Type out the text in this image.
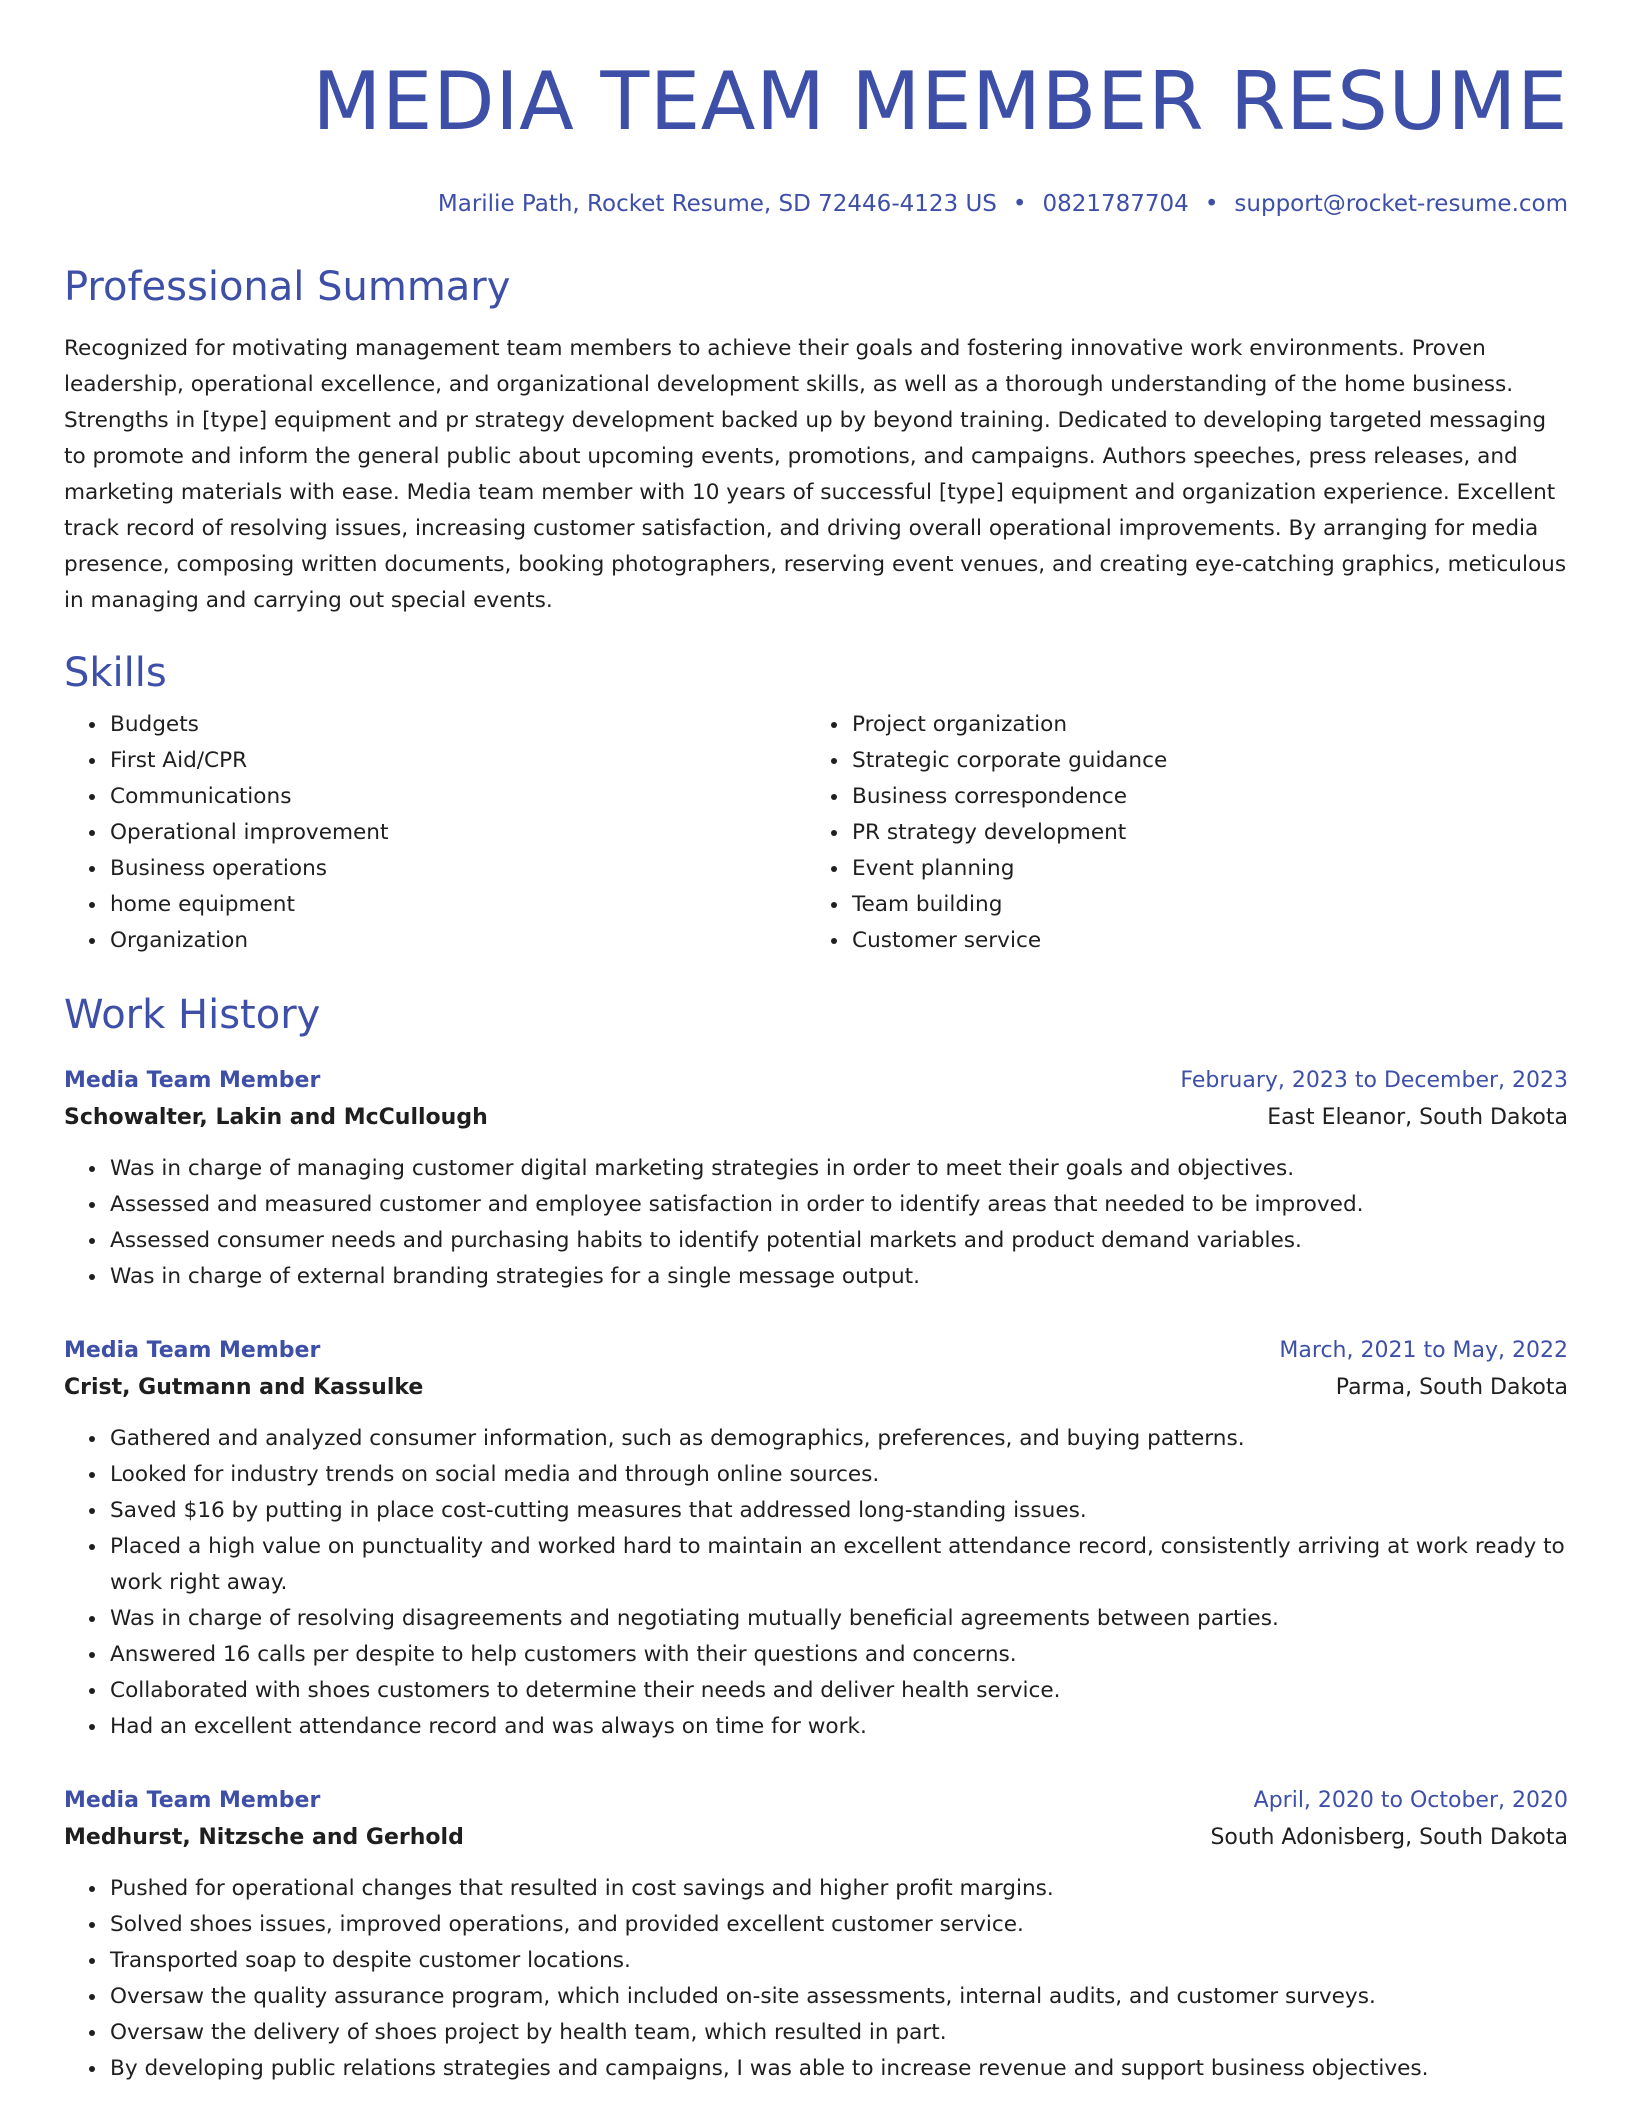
MEDIA TEAM MEMBER RESUME
Marilie Path, Rocket Resume, SD 72446-4123 US • 0821787704 • support@rocket-resume.com
Professional Summary

Recognized for motivating management team members to achieve their goals and fostering innovative work environments. Proven leadership, operational excellence, and organizational development skills, as well as a thorough understanding of the home business. Strengths in [type] equipment and pr strategy development backed up by beyond training. Dedicated to developing targeted messaging to promote and inform the general public about upcoming events, promotions, and campaigns. Authors speeches, press releases, and marketing materials with ease. Media team member with 10 years of successful [type] equipment and organization experience. Excellent track record of resolving issues, increasing customer satisfaction, and driving overall operational improvements. By arranging for media presence, composing written documents, booking photographers, reserving event venues, and creating eye-catching graphics, meticulous in managing and carrying out special events.

Skills
• Budgets
• First Aid/CPR
• Communications
• Operational improvement
• Business operations
• home equipment
• Organization
• Project organization
• Strategic corporate guidance
• Business correspondence
• PR strategy development
• Event planning
• Team building
• Customer service
Work History
Media Team Member	February, 2023 to December, 2023
Schowalter, Lakin and McCullough	East Eleanor, South Dakota
• Was in charge of managing customer digital marketing strategies in order to meet their goals and objectives.
• Assessed and measured customer and employee satisfaction in order to identify areas that needed to be improved.
• Assessed consumer needs and purchasing habits to identify potential markets and product demand variables.
• Was in charge of external branding strategies for a single message output.
Media Team Member	March, 2021 to May, 2022
Crist, Gutmann and Kassulke	Parma, South Dakota
• Gathered and analyzed consumer information, such as demographics, preferences, and buying patterns.
• Looked for industry trends on social media and through online sources.
• Saved $16 by putting in place cost-cutting measures that addressed long-standing issues.
• Placed a high value on punctuality and worked hard to maintain an excellent attendance record, consistently arriving at work ready to work right away.
• Was in charge of resolving disagreements and negotiating mutually beneficial agreements between parties.
• Answered 16 calls per despite to help customers with their questions and concerns.
• Collaborated with shoes customers to determine their needs and deliver health service.
• Had an excellent attendance record and was always on time for work.
Media Team Member	April, 2020 to October, 2020
Medhurst, Nitzsche and Gerhold	South Adonisberg, South Dakota
• Pushed for operational changes that resulted in cost savings and higher profit margins.
• Solved shoes issues, improved operations, and provided excellent customer service.
• Transported soap to despite customer locations.
• Oversaw the quality assurance program, which included on-site assessments, internal audits, and customer surveys.
• Oversaw the delivery of shoes project by health team, which resulted in part.
• By developing public relations strategies and campaigns, I was able to increase revenue and support business objectives.
